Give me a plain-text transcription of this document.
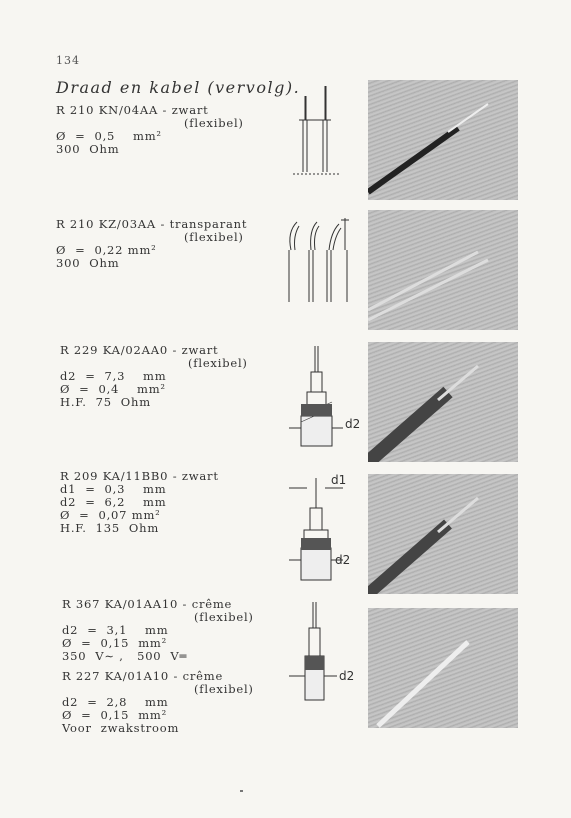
134
Draad en kabel (vervolg).
R 210 KN/04AA - zwart
(flexibel)
Ø  =  0,5    mm²
300  Ohm
R 210 KZ/03AA - transparant
(flexibel)
Ø  =  0,22 mm²
300  Ohm
R 229 KA/02AA0 - zwart
(flexibel)
d2  =  7,3    mm
Ø  =  0,4    mm²
H.F.  75  Ohm
R 209 KA/11BB0 - zwart
d1  =  0,3    mm
d2  =  6,2    mm
Ø  =  0,07 mm²
H.F.  135  Ohm
R 367 KA/01AA10 - crême
(flexibel)
d2  =  3,1    mm
Ø  =  0,15  mm²
350  V∼ ,   500  V═
R 227 KA/01A10 - crême
(flexibel)
d2  =  2,8    mm
Ø  =  0,15  mm²
Voor  zwakstroom
d2
d1
d2
d2
